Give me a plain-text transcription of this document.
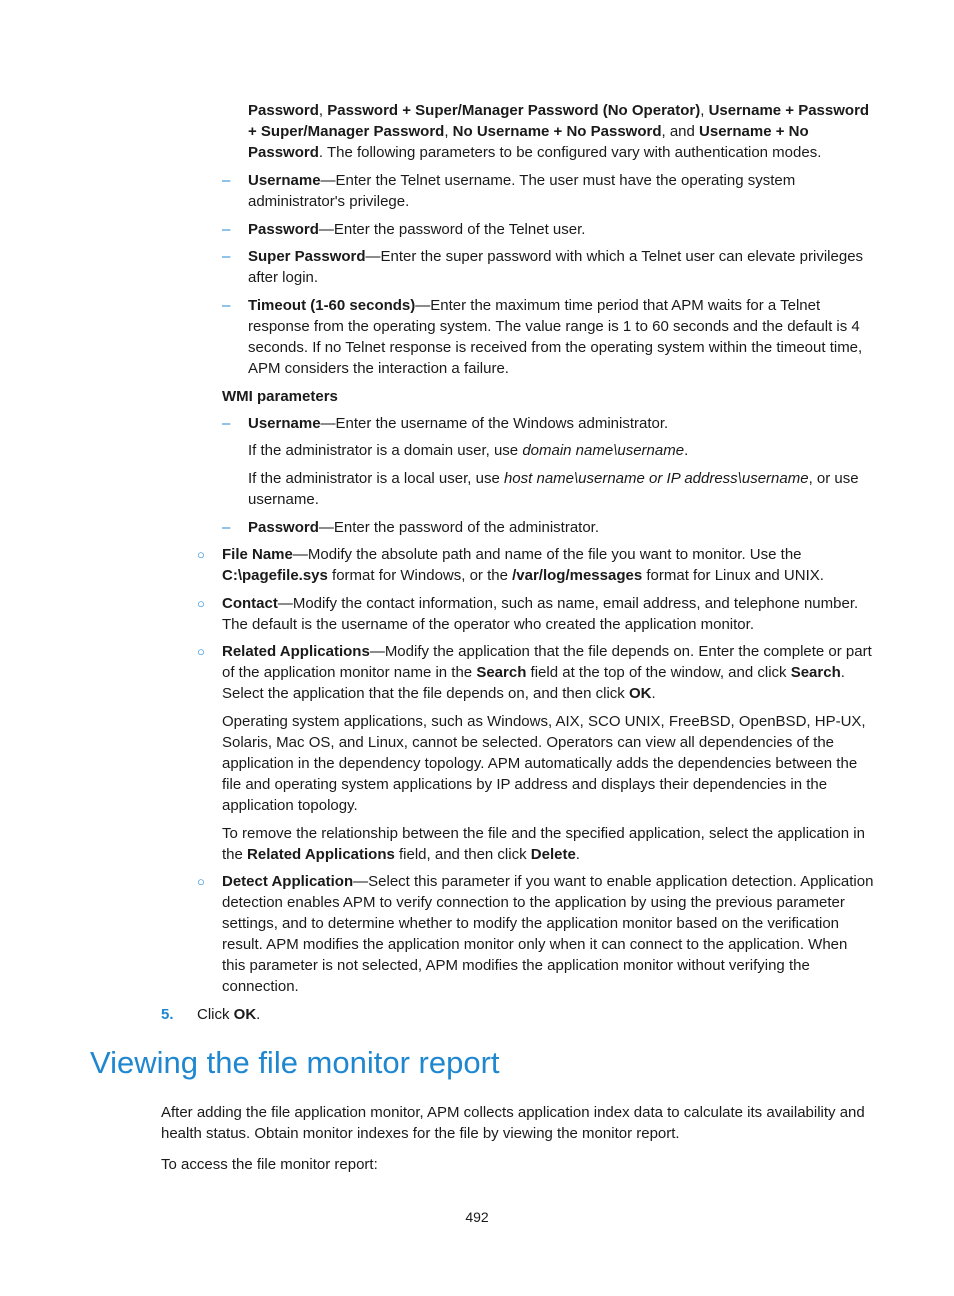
Password, Password + Super/Manager Password (No Operator), Username + Password + Super/Manager Password, No Username + No Password, and Username + No Password. The following parameters to be configured vary with authentication modes.

– Username—Enter the Telnet username. The user must have the operating system administrator's privilege.

– Password—Enter the password of the Telnet user.

– Super Password—Enter the super password with which a Telnet user can elevate privileges after login.

– Timeout (1-60 seconds)—Enter the maximum time period that APM waits for a Telnet response from the operating system. The value range is 1 to 60 seconds and the default is 4 seconds. If no Telnet response is received from the operating system within the timeout time, APM considers the interaction a failure.

WMI parameters

– Username—Enter the username of the Windows administrator.

If the administrator is a domain user, use domain name\username.

If the administrator is a local user, use host name\username or IP address\username, or use username.

– Password—Enter the password of the administrator.

○ File Name—Modify the absolute path and name of the file you want to monitor. Use the C:\pagefile.sys format for Windows, or the /var/log/messages format for Linux and UNIX.

○ Contact—Modify the contact information, such as name, email address, and telephone number. The default is the username of the operator who created the application monitor.

○ Related Applications—Modify the application that the file depends on. Enter the complete or part of the application monitor name in the Search field at the top of the window, and click Search. Select the application that the file depends on, and then click OK.

Operating system applications, such as Windows, AIX, SCO UNIX, FreeBSD, OpenBSD, HP-UX, Solaris, Mac OS, and Linux, cannot be selected. Operators can view all dependencies of the application in the dependency topology. APM automatically adds the dependencies between the file and operating system applications by IP address and displays their dependencies in the application topology.

To remove the relationship between the file and the specified application, select the application in the Related Applications field, and then click Delete.

○ Detect Application—Select this parameter if you want to enable application detection. Application detection enables APM to verify connection to the application by using the previous parameter settings, and to determine whether to modify the application monitor based on the verification result. APM modifies the application monitor only when it can connect to the application. When this parameter is not selected, APM modifies the application monitor without verifying the connection.

5. Click OK.

Viewing the file monitor report

After adding the file application monitor, APM collects application index data to calculate its availability and health status. Obtain monitor indexes for the file by viewing the monitor report.

To access the file monitor report:

492
